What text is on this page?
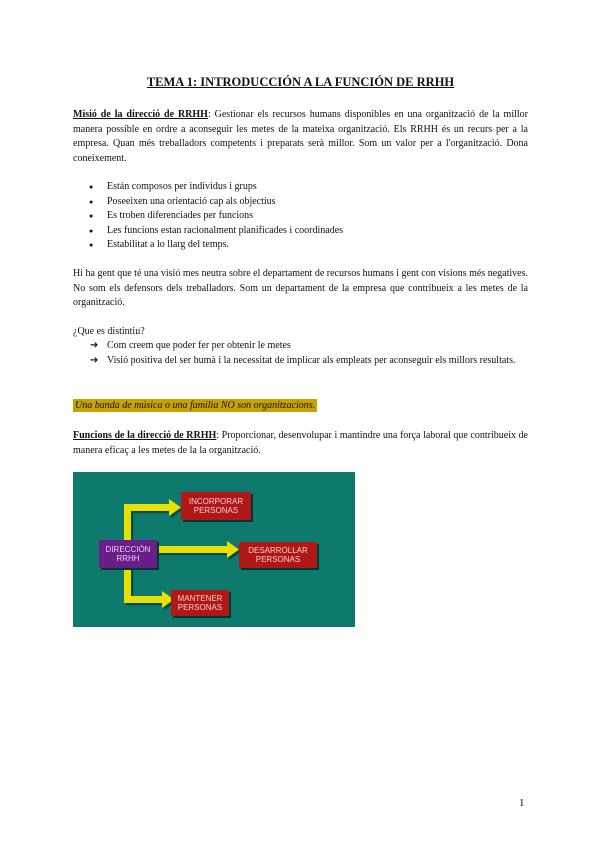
TEMA 1: INTRODUCCIÓN A LA FUNCIÓN DE RRHH
Misió de la direcció de RRHH: Gestionar els recursos humans disponibles en una organització de la millor manera possible en ordre a aconseguir les metes de la mateixa organització. Els RRHH és un recurs per a la empresa. Quan més treballadors competents i preparats serà millor. Som un valor per a l'organització. Dona coneixement.
● Están composos per individus i grups
● Poseeixen una orientació cap als objectius
● Es troben diferenciades per funcions
● Les funcions estan racionalment planificades i coordinades
● Estabilitat a lo llarg del temps.
Hi ha gent que té una visió mes neutra sobre el departament de recursos humans i gent con visions més negatives. No som els defensors dels treballadors. Som un departament de la empresa que contribueix a les metes de la organització.
¿Que es distintiu?
➔ Com creem que poder fer per obtenir le metes
➔ Visió positiva del ser humà i la necessitat de implicar als empleats per aconseguir els millors resultats.
Una banda de música o una familia NO son organitzacions.
Funcions de la direcció de RRHH: Proporcionar, desenvolupar i mantindre una força laboral que contribueix de manera eficaç a les metes de la la organització.
DIRECCIÓN
RRHH
INCORPORAR
PERSONAS
DESARROLLAR
PERSONAS
MANTENER
PERSONAS
1
